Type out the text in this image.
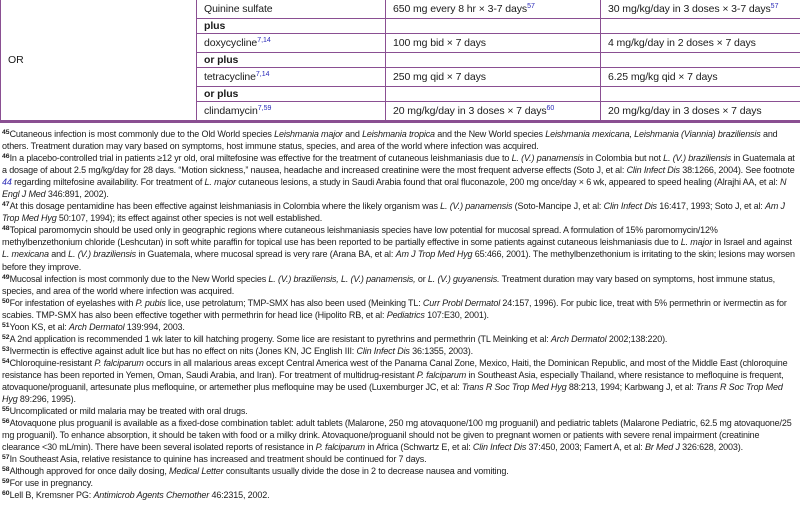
OR	Quinine sulfate	650 mg every 8 hr × 3-7 days$^{57}$	30 mg/kg/day in 3 doses × 3-7 days$^{57}$
	plus		
	doxycycline$^{7,14}$	100 mg bid × 7 days	4 mg/kg/day in 2 doses × 7 days
	or plus		
	tetracycline$^{7,14}$	250 mg qid × 7 days	6.25 mg/kg qid × 7 days
	or plus		
	clindamycin$^{7,59}$	20 mg/kg/day in 3 doses × 7 days$^{60}$	20 mg/kg/day in 3 doses × 7 days

$^{45}$Cutaneous infection is most commonly due to the Old World species Leishmania major and Leishmania tropica and the New World species Leishmania mexicana, Leishmania (Viannia) braziliensis and others. Treatment duration may vary based on symptoms, host immune status, species, and area of the world where infection was acquired.

$^{46}$In a placebo-controlled trial in patients ≥12 yr old, oral miltefosine was effective for the treatment of cutaneous leishmaniasis due to L. (V.) panamensis in Colombia but not L. (V.) braziliensis in Guatemala at a dosage of about 2.5 mg/kg/day for 28 days. “Motion sickness,” nausea, headache and increased creatinine were the most frequent adverse effects (Soto J, et al: Clin Infect Dis 38:1266, 2004). See footnote 44 regarding miltefosine availability. For treatment of L. major cutaneous lesions, a study in Saudi Arabia found that oral fluconazole, 200 mg once/day × 6 wk, appeared to speed healing (Alrajhi AA, et al: N Engl J Med 346:891, 2002).

$^{47}$At this dosage pentamidine has been effective against leishmaniasis in Colombia where the likely organism was L. (V.) panamensis (Soto-Mancipe J, et al: Clin Infect Dis 16:417, 1993; Soto J, et al: Am J Trop Med Hyg 50:107, 1994); its effect against other species is not well established.

$^{48}$Topical paromomycin should be used only in geographic regions where cutaneous leishmaniasis species have low potential for mucosal spread. A formulation of 15% paromomycin/12% methylbenzethonium chloride (Leshcutan) in soft white paraffin for topical use has been reported to be partially effective in some patients against cutaneous leishmaniasis due to L. major in Israel and against L. mexicana and L. (V.) braziliensis in Guatemala, where mucosal spread is very rare (Arana BA, et al: Am J Trop Med Hyg 65:466, 2001). The methylbenzethonium is irritating to the skin; lesions may worsen before they improve.

$^{49}$Mucosal infection is most commonly due to the New World species L. (V.) braziliensis, L. (V.) panamensis, or L. (V.) guyanensis. Treatment duration may vary based on symptoms, host immune status, species, and area of the world where infection was acquired.

$^{50}$For infestation of eyelashes with P. pubis lice, use petrolatum; TMP-SMX has also been used (Meinking TL: Curr Probl Dermatol 24:157, 1996). For pubic lice, treat with 5% permethrin or ivermectin as for scabies. TMP-SMX has also been effective together with permethrin for head lice (Hipolito RB, et al: Pediatrics 107:E30, 2001).

$^{51}$Yoon KS, et al: Arch Dermatol 139:994, 2003.

$^{52}$A 2nd application is recommended 1 wk later to kill hatching progeny. Some lice are resistant to pyrethrins and permethrin (TL Meinking et al: Arch Dermatol 2002;138:220).

$^{53}$Ivermectin is effective against adult lice but has no effect on nits (Jones KN, JC English III: Clin Infect Dis 36:1355, 2003).

$^{54}$Chloroquine-resistant P. falciparum occurs in all malarious areas except Central America west of the Panama Canal Zone, Mexico, Haiti, the Dominican Republic, and most of the Middle East (chloroquine resistance has been reported in Yemen, Oman, Saudi Arabia, and Iran). For treatment of multidrug-resistant P. falciparum in Southeast Asia, especially Thailand, where resistance to mefloquine is frequent, atovaquone/proguanil, artesunate plus mefloquine, or artemether plus mefloquine may be used (Luxemburger JC, et al: Trans R Soc Trop Med Hyg 88:213, 1994; Karbwang J, et al: Trans R Soc Trop Med Hyg 89:296, 1995).

$^{55}$Uncomplicated or mild malaria may be treated with oral drugs.

$^{56}$Atovaquone plus proguanil is available as a fixed-dose combination tablet: adult tablets (Malarone, 250 mg atovaquone/100 mg proguanil) and pediatric tablets (Malarone Pediatric, 62.5 mg atovaquone/25 mg proguanil). To enhance absorption, it should be taken with food or a milky drink. Atovaquone/proguanil should not be given to pregnant women or patients with severe renal impairment (creatinine clearance <30 mL/min). There have been several isolated reports of resistance in P. falciparum in Africa (Schwartz E, et al: Clin Infect Dis 37:450, 2003; Famert A, et al: Br Med J 326:628, 2003).

$^{57}$In Southeast Asia, relative resistance to quinine has increased and treatment should be continued for 7 days.

$^{58}$Although approved for once daily dosing, Medical Letter consultants usually divide the dose in 2 to decrease nausea and vomiting.

$^{59}$For use in pregnancy.

$^{60}$Lell B, Kremsner PG: Antimicrob Agents Chemother 46:2315, 2002.
